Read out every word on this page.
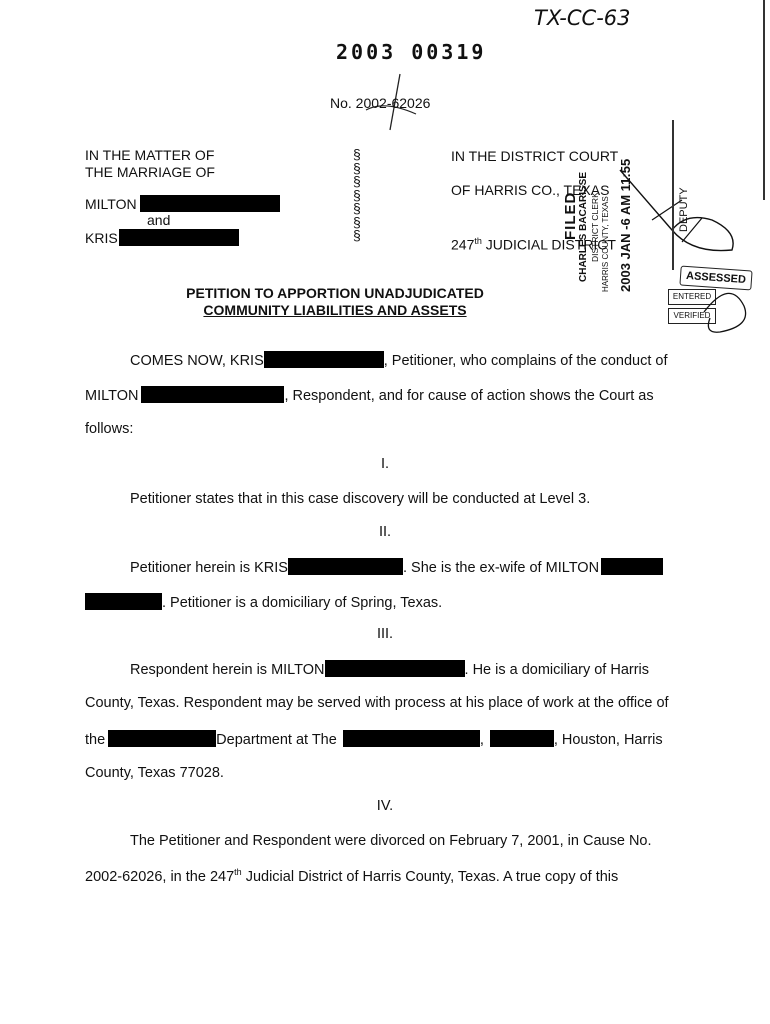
TX-CC-63
2003 00319
No. 2002-62026
IN THE MATTER OF
THE MARRIAGE OF
MILTON
and
KRIS
§
§
§
§
§
§
§
IN THE DISTRICT COURT
OF HARRIS CO., TEXAS
247th JUDICIAL DISTRICT
FILED CHARLES BACARISSE DISTRICT CLERK HARRIS COUNTY, TEXAS 2003 JAN -6 AM 11:55	DEPUTY
ASSESSED
ENTERED
VERIFIED
PETITION TO APPORTION UNADJUDICATED
COMMUNITY LIABILITIES AND ASSETS
COMES NOW, KRIS	, Petitioner, who complains of the conduct of
MILTON	, Respondent, and for cause of action shows the Court as
follows:
I.
Petitioner states that in this case discovery will be conducted at Level 3.
II.
Petitioner herein is KRIS	. She is the ex-wife of MILTON
. Petitioner is a domiciliary of Spring, Texas.
III.
Respondent herein is MILTON	. He is a domiciliary of Harris
County, Texas. Respondent may be served with process at his place of work at the office of
the	Department at The	,	, Houston, Harris
County, Texas 77028.
IV.
The Petitioner and Respondent were divorced on February 7, 2001, in Cause No.
2002-62026, in the 247th Judicial District of Harris County, Texas. A true copy of this
